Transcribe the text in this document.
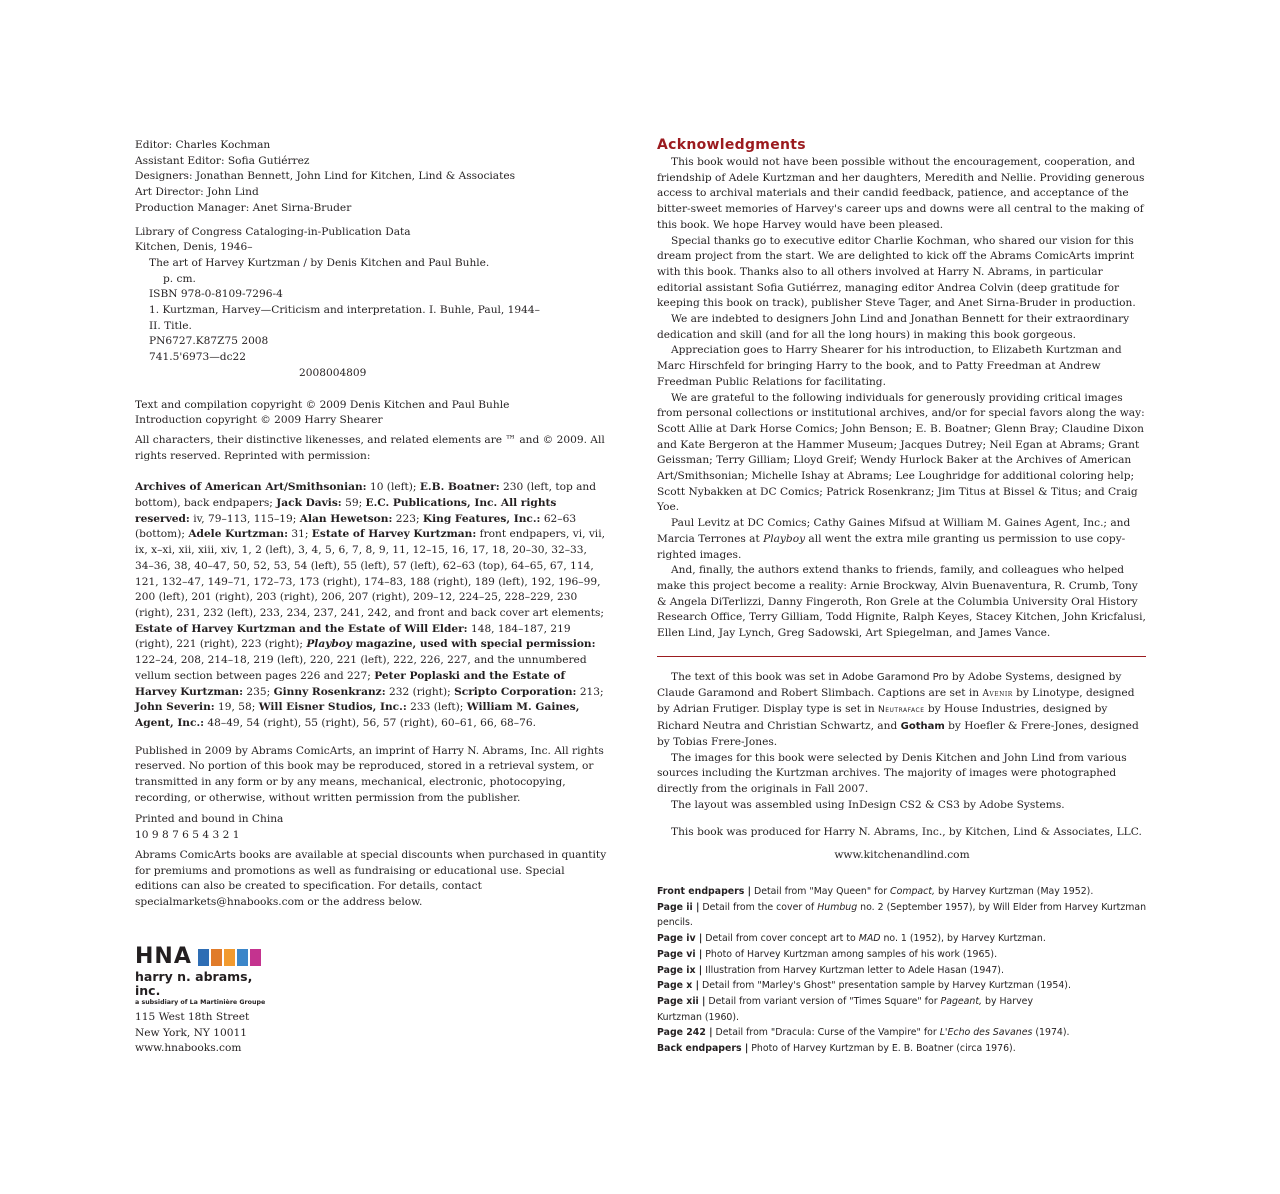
Editor: Charles Kochman
Assistant Editor: Sofia Gutiérrez
Designers: Jonathan Bennett, John Lind for Kitchen, Lind & Associates
Art Director: John Lind
Production Manager: Anet Sirna-Bruder
Library of Congress Cataloging-in-Publication Data
Kitchen, Denis, 1946–
The art of Harvey Kurtzman / by Denis Kitchen and Paul Buhle.
p. cm.
ISBN 978-0-8109-7296-4
1. Kurtzman, Harvey—Criticism and interpretation. I. Buhle, Paul, 1944–
II. Title.
PN6727.K87Z75 2008
741.5'6973—dc22
2008004809
Text and compilation copyright © 2009 Denis Kitchen and Paul Buhle
Introduction copyright © 2009 Harry Shearer
All characters, their distinctive likenesses, and related elements are ™ and © 2009. All rights reserved. Reprinted with permission:
Archives of American Art/Smithsonian: 10 (left); E.B. Boatner: 230 (left, top and bottom), back endpapers; Jack Davis: 59; E.C. Publications, Inc. All rights reserved: iv, 79–113, 115–19; Alan Hewetson: 223; King Features, Inc.: 62–63 (bottom); Adele Kurtzman: 31; Estate of Harvey Kurtzman: front endpapers, vi, vii, ix, x–xi, xii, xiii, xiv, 1, 2 (left), 3, 4, 5, 6, 7, 8, 9, 11, 12–15, 16, 17, 18, 20–30, 32–33, 34–36, 38, 40–47, 50, 52, 53, 54 (left), 55 (left), 57 (left), 62–63 (top), 64–65, 67, 114, 121, 132–47, 149–71, 172–73, 173 (right), 174–83, 188 (right), 189 (left), 192, 196–99, 200 (left), 201 (right), 203 (right), 206, 207 (right), 209–12, 224–25, 228–229, 230 (right), 231, 232 (left), 233, 234, 237, 241, 242, and front and back cover art elements; Estate of Harvey Kurtzman and the Estate of Will Elder: 148, 184–187, 219 (right), 221 (right), 223 (right); Playboy magazine, used with special permission: 122–24, 208, 214–18, 219 (left), 220, 221 (left), 222, 226, 227, and the unnumbered vellum section between pages 226 and 227; Peter Poplaski and the Estate of Harvey Kurtzman: 235; Ginny Rosenkranz: 232 (right); Scripto Corporation: 213; John Severin: 19, 58; Will Eisner Studios, Inc.: 233 (left); William M. Gaines, Agent, Inc.: 48–49, 54 (right), 55 (right), 56, 57 (right), 60–61, 66, 68–76.
Published in 2009 by Abrams ComicArts, an imprint of Harry N. Abrams, Inc. All rights reserved. No portion of this book may be reproduced, stored in a retrieval system, or transmitted in any form or by any means, mechanical, electronic, photocopying, recording, or otherwise, without written permission from the publisher.
Printed and bound in China
10 9 8 7 6 5 4 3 2 1
Abrams ComicArts books are available at special discounts when purchased in quantity for premiums and promotions as well as fundraising or educational use. Special editions can also be created to specification. For details, contact specialmarkets@hnabooks.com or the address below.
HNA
harry n. abrams, inc.
a subsidiary of La Martinière Groupe
115 West 18th Street
New York, NY 10011
www.hnabooks.com
Acknowledgments

This book would not have been possible without the encouragement, cooperation, and friendship of Adele Kurtzman and her daughters, Meredith and Nellie. Providing generous access to archival materials and their candid feedback, patience, and acceptance of the bitter-sweet memories of Harvey's career ups and downs were all central to the making of this book. We hope Harvey would have been pleased.

Special thanks go to executive editor Charlie Kochman, who shared our vision for this dream project from the start. We are delighted to kick off the Abrams ComicArts imprint with this book. Thanks also to all others involved at Harry N. Abrams, in particular editorial assistant Sofia Gutiérrez, managing editor Andrea Colvin (deep gratitude for keeping this book on track), publisher Steve Tager, and Anet Sirna-Bruder in production.

We are indebted to designers John Lind and Jonathan Bennett for their extraordinary dedication and skill (and for all the long hours) in making this book gorgeous.

Appreciation goes to Harry Shearer for his introduction, to Elizabeth Kurtzman and Marc Hirschfeld for bringing Harry to the book, and to Patty Freedman at Andrew Freedman Public Relations for facilitating.

We are grateful to the following individuals for generously providing critical images from personal collections or institutional archives, and/or for special favors along the way: Scott Allie at Dark Horse Comics; John Benson; E. B. Boatner; Glenn Bray; Claudine Dixon and Kate Bergeron at the Hammer Museum; Jacques Dutrey; Neil Egan at Abrams; Grant Geissman; Terry Gilliam; Lloyd Greif; Wendy Hurlock Baker at the Archives of American Art/Smithsonian; Michelle Ishay at Abrams; Lee Loughridge for additional coloring help; Scott Nybakken at DC Comics; Patrick Rosenkranz; Jim Titus at Bissel & Titus; and Craig Yoe.

Paul Levitz at DC Comics; Cathy Gaines Mifsud at William M. Gaines Agent, Inc.; and Marcia Terrones at Playboy all went the extra mile granting us permission to use copy-righted images.

And, finally, the authors extend thanks to friends, family, and colleagues who helped make this project become a reality: Arnie Brockway, Alvin Buenaventura, R. Crumb, Tony & Angela DiTerlizzi, Danny Fingeroth, Ron Grele at the Columbia University Oral History Research Office, Terry Gilliam, Todd Hignite, Ralph Keyes, Stacey Kitchen, John Kricfalusi, Ellen Lind, Jay Lynch, Greg Sadowski, Art Spiegelman, and James Vance.

The text of this book was set in Adobe Garamond Pro by Adobe Systems, designed by Claude Garamond and Robert Slimbach. Captions are set in Avenir by Linotype, designed by Adrian Frutiger. Display type is set in Neutraface by House Industries, designed by Richard Neutra and Christian Schwartz, and Gotham by Hoefler & Frere-Jones, designed by Tobias Frere-Jones.

The images for this book were selected by Denis Kitchen and John Lind from various sources including the Kurtzman archives. The majority of images were photographed directly from the originals in Fall 2007.

The layout was assembled using InDesign CS2 & CS3 by Adobe Systems.

This book was produced for Harry N. Abrams, Inc., by Kitchen, Lind & Associates, LLC.

www.kitchenandlind.com
Front endpapers | Detail from "May Queen" for Compact, by Harvey Kurtzman (May 1952).
Page ii | Detail from the cover of Humbug no. 2 (September 1957), by Will Elder from Harvey Kurtzman pencils.
Page iv | Detail from cover concept art to MAD no. 1 (1952), by Harvey Kurtzman.
Page vi | Photo of Harvey Kurtzman among samples of his work (1965).
Page ix | Illustration from Harvey Kurtzman letter to Adele Hasan (1947).
Page x | Detail from "Marley's Ghost" presentation sample by Harvey Kurtzman (1954).
Page xii | Detail from variant version of "Times Square" for Pageant, by Harvey Kurtzman (1960).
Page 242 | Detail from "Dracula: Curse of the Vampire" for L'Echo des Savanes (1974).
Back endpapers | Photo of Harvey Kurtzman by E. B. Boatner (circa 1976).
